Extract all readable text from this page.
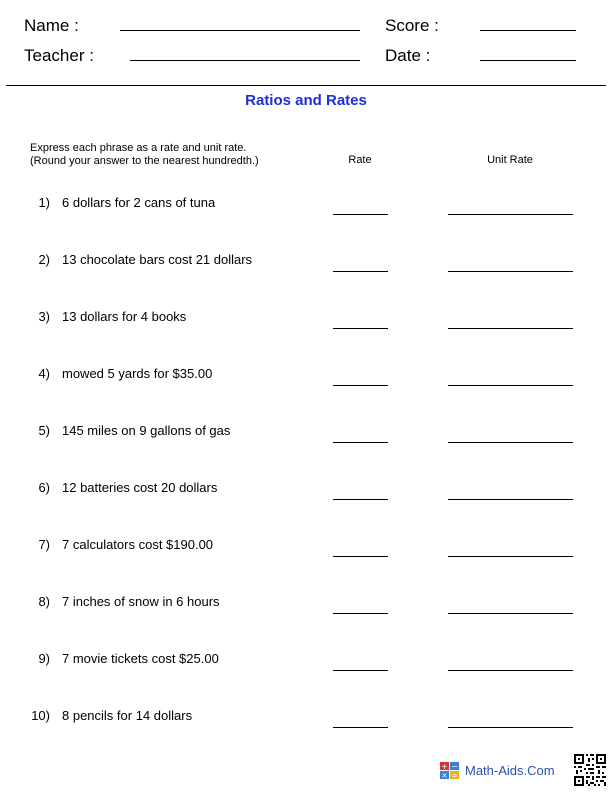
Name :	Score :
Teacher :	Date :
Ratios and Rates
Express each phrase as a rate and unit rate.
(Round your answer to the nearest hundredth.)	Rate	Unit Rate
1) 6 dollars for 2 cans of tuna
2) 13 chocolate bars cost 21 dollars
3) 13 dollars for 4 books
4) mowed 5 yards for $35.00
5) 145 miles on 9 gallons of gas
6) 12 batteries cost 20 dollars
7) 7 calculators cost $190.00
8) 7 inches of snow in 6 hours
9) 7 movie tickets cost $25.00
10) 8 pencils for 14 dollars
+ −
× = Math-Aids.Com
